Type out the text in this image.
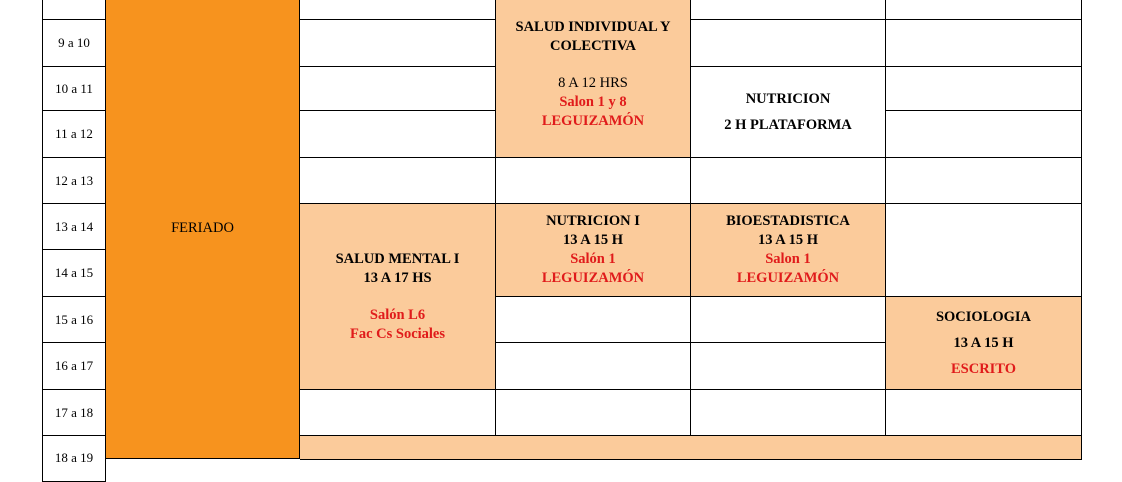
9 a 10
10 a 11
11 a 12
12 a 13
13 a 14
14 a 15
15 a 16
16 a 17
17 a 18
18 a 19
FERIADO
SALUD MENTAL I
13 A 17 HS
Salón L6
Fac Cs Sociales
SALUD INDIVIDUAL Y COLECTIVA
8 A 12 HRS
Salon 1 y 8
LEGUIZAMÓN
NUTRICION I
13 A 15 H
Salón 1
LEGUIZAMÓN
NUTRICION
2 H PLATAFORMA
BIOESTADISTICA
13 A 15 H
Salon 1
LEGUIZAMÓN
SOCIOLOGIA
13 A 15 H
ESCRITO
